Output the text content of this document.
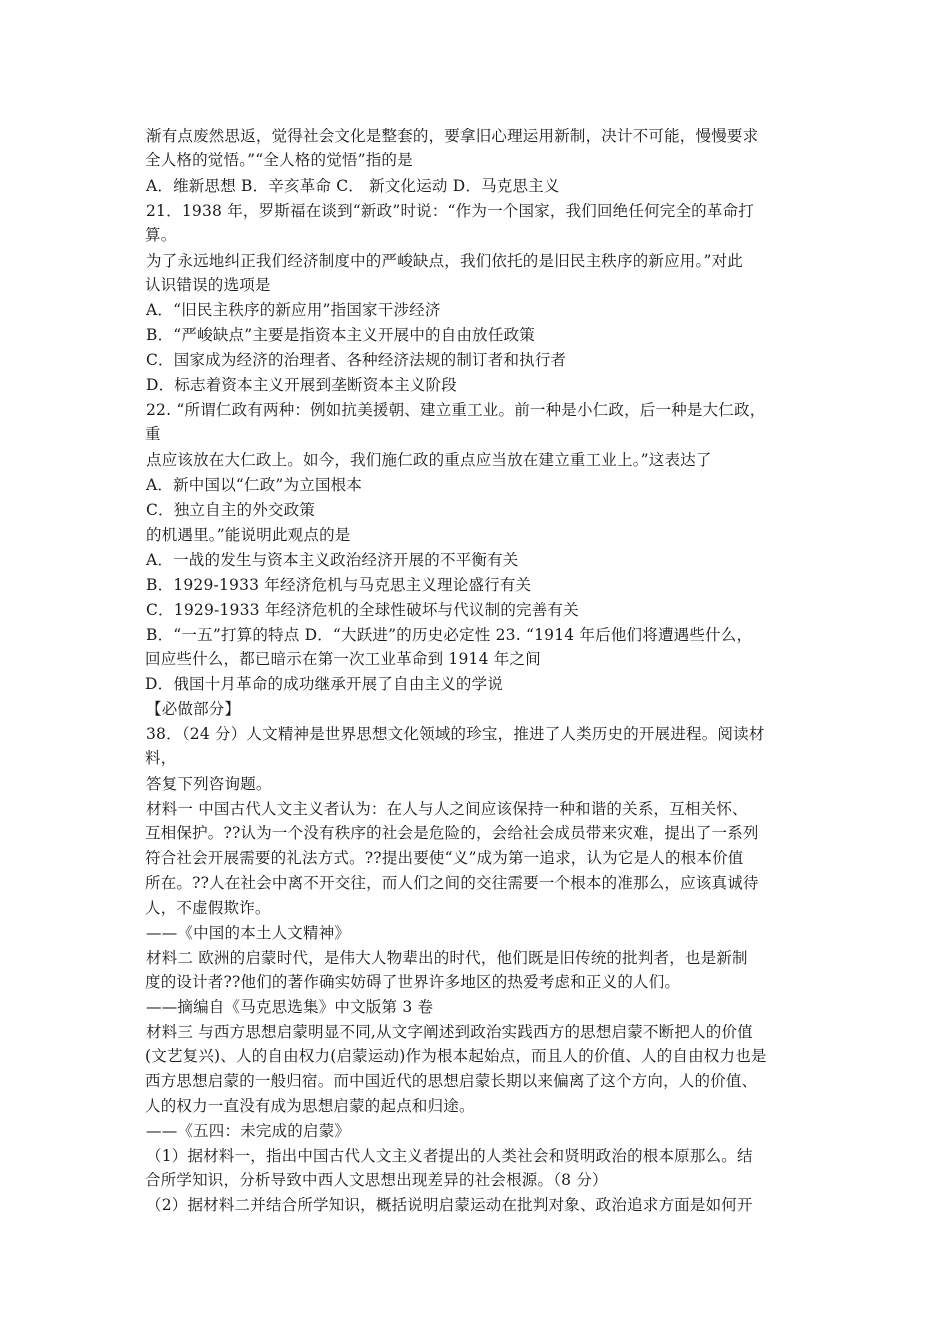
渐有点废然思返，觉得社会文化是整套的，要拿旧心理运用新制，决计不可能，慢慢要求
全人格的觉悟。”“全人格的觉悟”指的是
A．维新思想 B．辛亥革命 C． 新文化运动 D．马克思主义
21．1938 年，罗斯福在谈到“新政”时说：“作为一个国家，我们回绝任何完全的革命打
算。
为了永远地纠正我们经济制度中的严峻缺点，我们依托的是旧民主秩序的新应用。”对此
认识错误的选项是
A．“旧民主秩序的新应用”指国家干涉经济
B．“严峻缺点”主要是指资本主义开展中的自由放任政策
C．国家成为经济的治理者、各种经济法规的制订者和执行者
D．标志着资本主义开展到垄断资本主义阶段
22. “所谓仁政有两种：例如抗美援朝、建立重工业。前一种是小仁政，后一种是大仁政，
重
点应该放在大仁政上。如今，我们施仁政的重点应当放在建立重工业上。”这表达了
A．新中国以“仁政”为立国根本
C．独立自主的外交政策
的机遇里。”能说明此观点的是
A．一战的发生与资本主义政治经济开展的不平衡有关
B．1929-1933 年经济危机与马克思主义理论盛行有关
C．1929-1933 年经济危机的全球性破坏与代议制的完善有关
B．“一五”打算的特点 D．“大跃进”的历史必定性 23. “1914 年后他们将遭遇些什么，
回应些什么，都已暗示在第一次工业革命到 1914 年之间
D．俄国十月革命的成功继承开展了自由主义的学说
【必做部分】
38．（24 分）人文精神是世界思想文化领域的珍宝，推进了人类历史的开展进程。阅读材
料，
答复下列咨询题。
材料一 中国古代人文主义者认为：在人与人之间应该保持一种和谐的关系，互相关怀、
互相保护。??认为一个没有秩序的社会是危险的，会给社会成员带来灾难，提出了一系列
符合社会开展需要的礼法方式。??提出要使“义”成为第一追求，认为它是人的根本价值
所在。??人在社会中离不开交往，而人们之间的交往需要一个根本的准那么，应该真诚待
人，不虚假欺诈。
——《中国的本土人文精神》
材料二 欧洲的启蒙时代，是伟大人物辈出的时代，他们既是旧传统的批判者，也是新制
度的设计者??他们的著作确实妨碍了世界许多地区的热爱考虑和正义的人们。
——摘编自《马克思选集》中文版第 3 卷
材料三 与西方思想启蒙明显不同,从文字阐述到政治实践西方的思想启蒙不断把人的价值
(文艺复兴)、人的自由权力(启蒙运动)作为根本起始点，而且人的价值、人的自由权力也是
西方思想启蒙的一般归宿。而中国近代的思想启蒙长期以来偏离了这个方向，人的价值、
人的权力一直没有成为思想启蒙的起点和归途。
——《五四：未完成的启蒙》
（1）据材料一，指出中国古代人文主义者提出的人类社会和贤明政治的根本原那么。结
合所学知识，分析导致中西人文思想出现差异的社会根源。（8 分）
（2）据材料二并结合所学知识，概括说明启蒙运动在批判对象、政治追求方面是如何开
